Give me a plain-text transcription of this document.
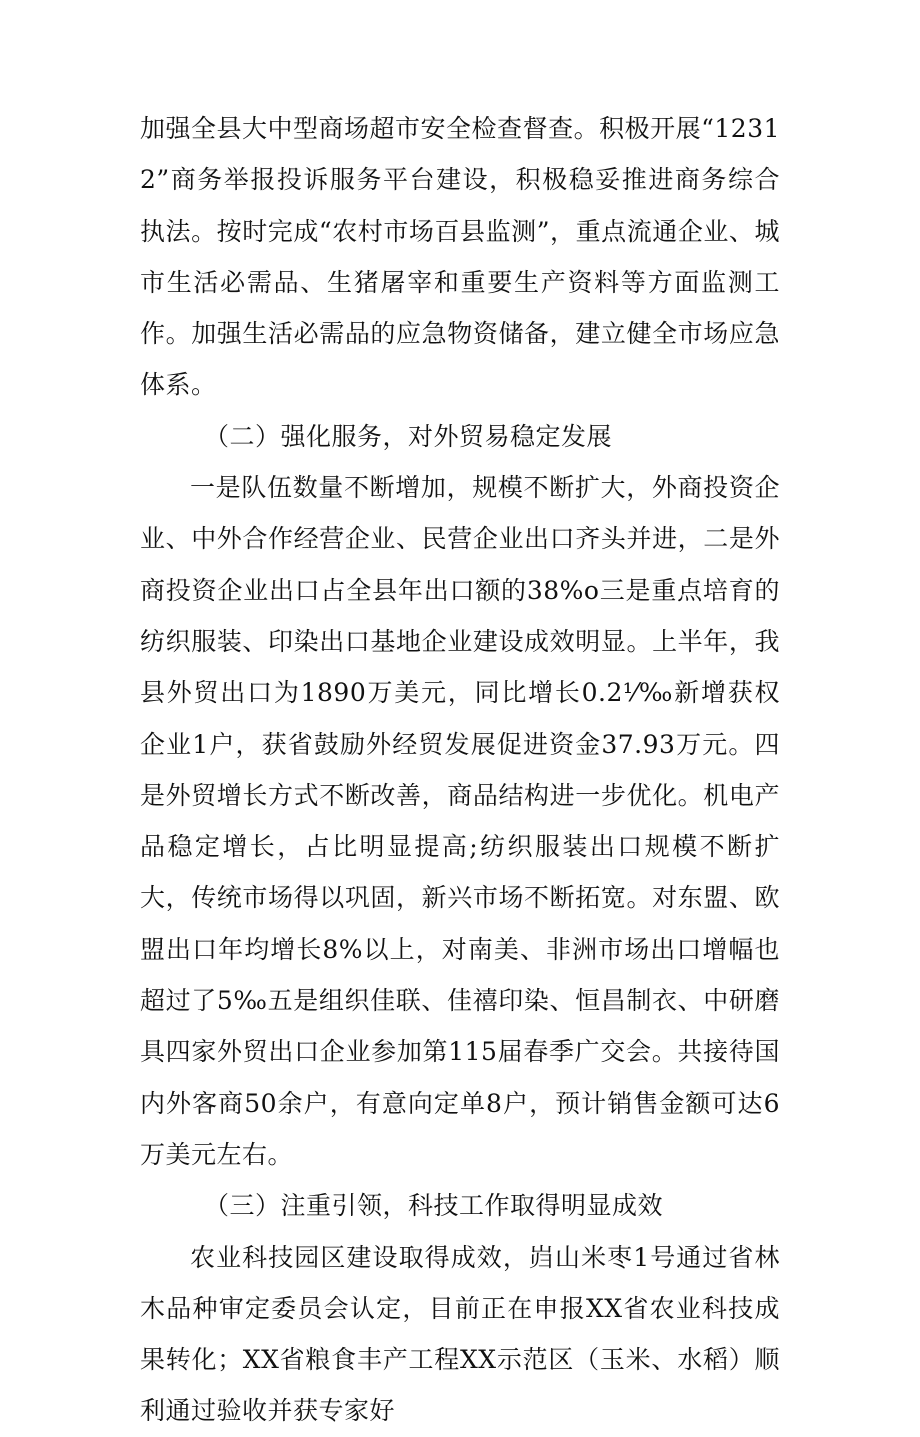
加强全县大中型商场超市安全检查督查。积极开展“12312”商务举报投诉服务平台建设，积极稳妥推进商务综合执法。按时完成“农村市场百县监测”，重点流通企业、城市生活必需品、生猪屠宰和重要生产资料等方面监测工作。加强生活必需品的应急物资储备，建立健全市场应急体系。

（二）强化服务，对外贸易稳定发展

一是队伍数量不断增加，规模不断扩大，外商投资企业、中外合作经营企业、民营企业出口齐头并进，二是外商投资企业出口占全县年出口额的38%o三是重点培育的纺织服装、印染出口基地企业建设成效明显。上半年，我县外贸出口为1890万美元，同比增长0.2⅟‰新增获权企业1户，获省鼓励外经贸发展促进资金37.93万元。四是外贸增长方式不断改善，商品结构进一步优化。机电产品稳定增长，占比明显提高;纺织服装出口规模不断扩大，传统市场得以巩固，新兴市场不断拓宽。对东盟、欧盟出口年均增长8%以上，对南美、非洲市场出口增幅也超过了5‰五是组织佳联、佳禧印染、恒昌制衣、中研磨具四家外贸出口企业参加第115届春季广交会。共接待国内外客商50余户，有意向定单8户，预计销售金额可达6万美元左右。

（三）注重引领，科技工作取得明显成效

农业科技园区建设取得成效，岿山米枣1号通过省林木品种审定委员会认定，目前正在申报XX省农业科技成果转化；XX省粮食丰产工程XX示范区（玉米、水稻）顺利通过验收并获专家好
